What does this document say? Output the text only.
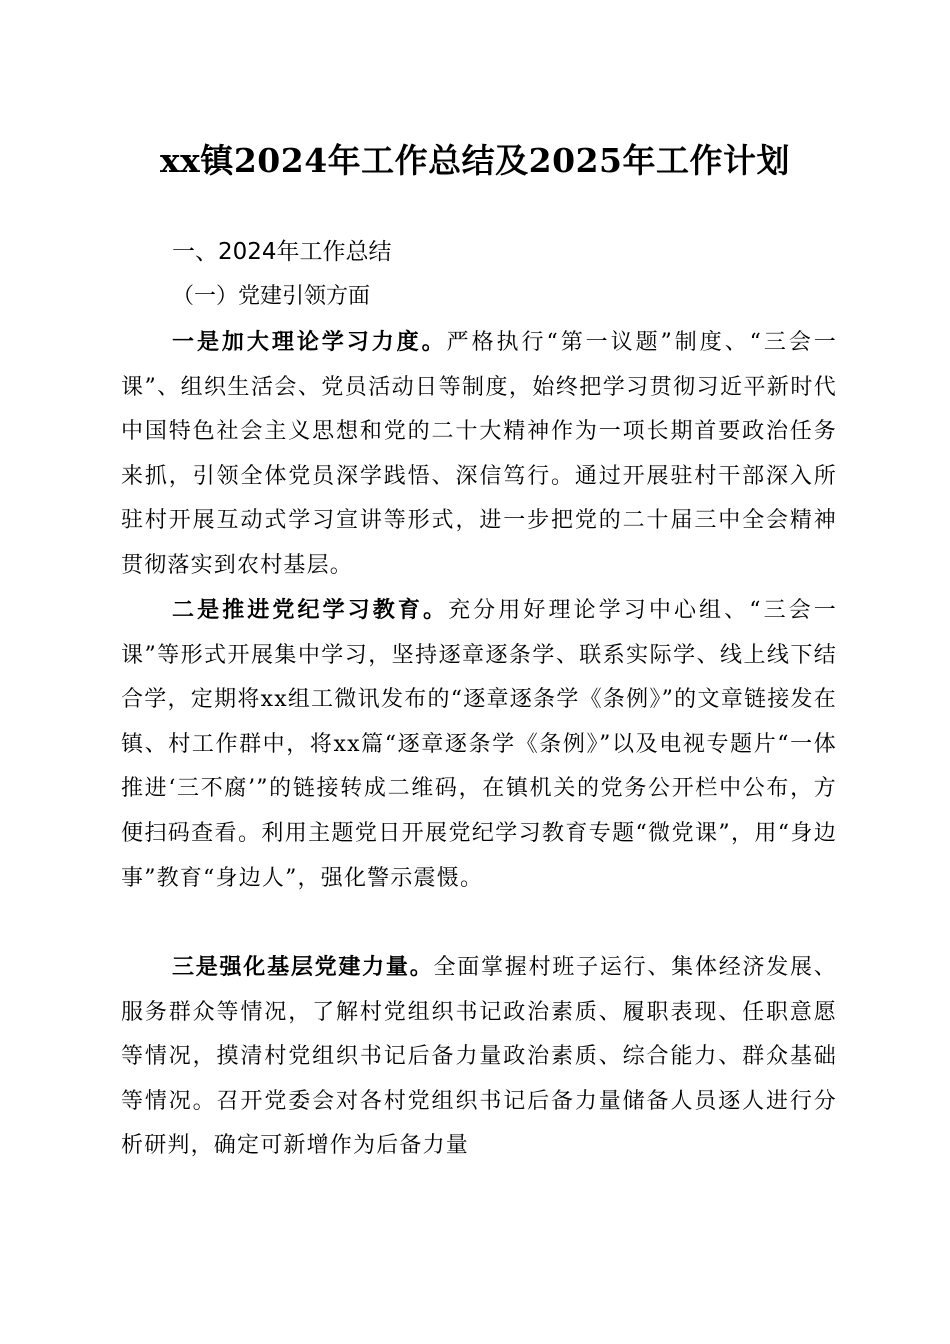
xx镇2024年工作总结及2025年工作计划
一、2024年工作总结
（一）党建引领方面

一是加大理论学习力度。严格执行“第一议题”制度、“三会一课”、组织生活会、党员活动日等制度，始终把学习贯彻习近平新时代中国特色社会主义思想和党的二十大精神作为一项长期首要政治任务来抓，引领全体党员深学践悟、深信笃行。通过开展驻村干部深入所驻村开展互动式学习宣讲等形式，进一步把党的二十届三中全会精神贯彻落实到农村基层。

二是推进党纪学习教育。充分用好理论学习中心组、“三会一课”等形式开展集中学习，坚持逐章逐条学、联系实际学、线上线下结合学，定期将xx组工微讯发布的“逐章逐条学《条例》”的文章链接发在镇、村工作群中，将xx篇“逐章逐条学《条例》”以及电视专题片“一体推进‘三不腐’”的链接转成二维码，在镇机关的党务公开栏中公布，方便扫码查看。利用主题党日开展党纪学习教育专题“微党课”，用“身边事”教育“身边人”，强化警示震慑。

三是强化基层党建力量。全面掌握村班子运行、集体经济发展、服务群众等情况，了解村党组织书记政治素质、履职表现、任职意愿等情况，摸清村党组织书记后备力量政治素质、综合能力、群众基础等情况。召开党委会对各村党组织书记后备力量储备人员逐人进行分析研判，确定可新增作为后备力量
